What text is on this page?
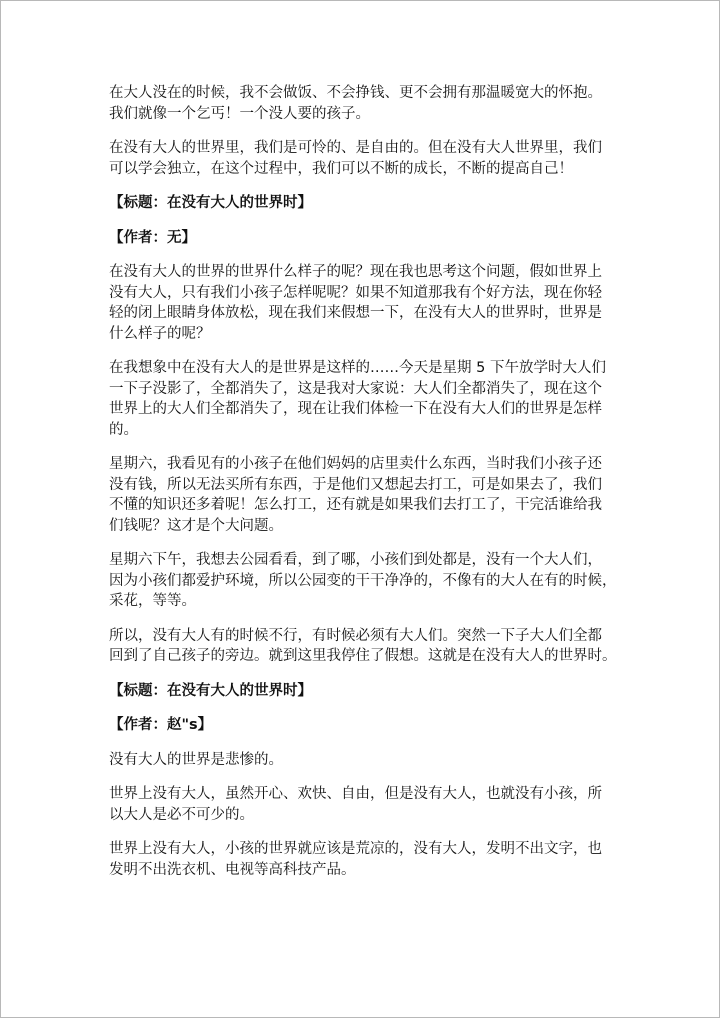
在大人没在的时候，我不会做饭、不会挣钱、更不会拥有那温暖宽大的怀抱。
我们就像一个乞丐！一个没人要的孩子。

在没有大人的世界里，我们是可怜的、是自由的。但在没有大人世界里，我们
可以学会独立，在这个过程中，我们可以不断的成长，不断的提高自己！

【标题：在没有大人的世界时】

【作者：无】

在没有大人的世界的世界什么样子的呢？现在我也思考这个问题，假如世界上
没有大人，只有我们小孩子怎样呢呢？如果不知道那我有个好方法，现在你轻
轻的闭上眼睛身体放松，现在我们来假想一下，在没有大人的世界时，世界是
什么样子的呢？

在我想象中在没有大人的是世界是这样的……今天是星期 5 下午放学时大人们
一下子没影了，全都消失了，这是我对大家说：大人们全都消失了，现在这个
世界上的大人们全都消失了，现在让我们体检一下在没有大人们的世界是怎样
的。

星期六，我看见有的小孩子在他们妈妈的店里卖什么东西，当时我们小孩子还
没有钱，所以无法买所有东西，于是他们又想起去打工，可是如果去了，我们
不懂的知识还多着呢！怎么打工，还有就是如果我们去打工了，干完活谁给我
们钱呢？这才是个大问题。

星期六下午，我想去公园看看，到了哪，小孩们到处都是，没有一个大人们，
因为小孩们都爱护环境，所以公园变的干干净净的，不像有的大人在有的时候，
采花，等等。

所以，没有大人有的时候不行，有时候必须有大人们。突然一下子大人们全都
回到了自己孩子的旁边。就到这里我停住了假想。这就是在没有大人的世界时。

【标题：在没有大人的世界时】

【作者：赵"s】

没有大人的世界是悲惨的。

世界上没有大人，虽然开心、欢快、自由，但是没有大人，也就没有小孩，所
以大人是必不可少的。

世界上没有大人，小孩的世界就应该是荒凉的，没有大人，发明不出文字，也
发明不出洗衣机、电视等高科技产品。
